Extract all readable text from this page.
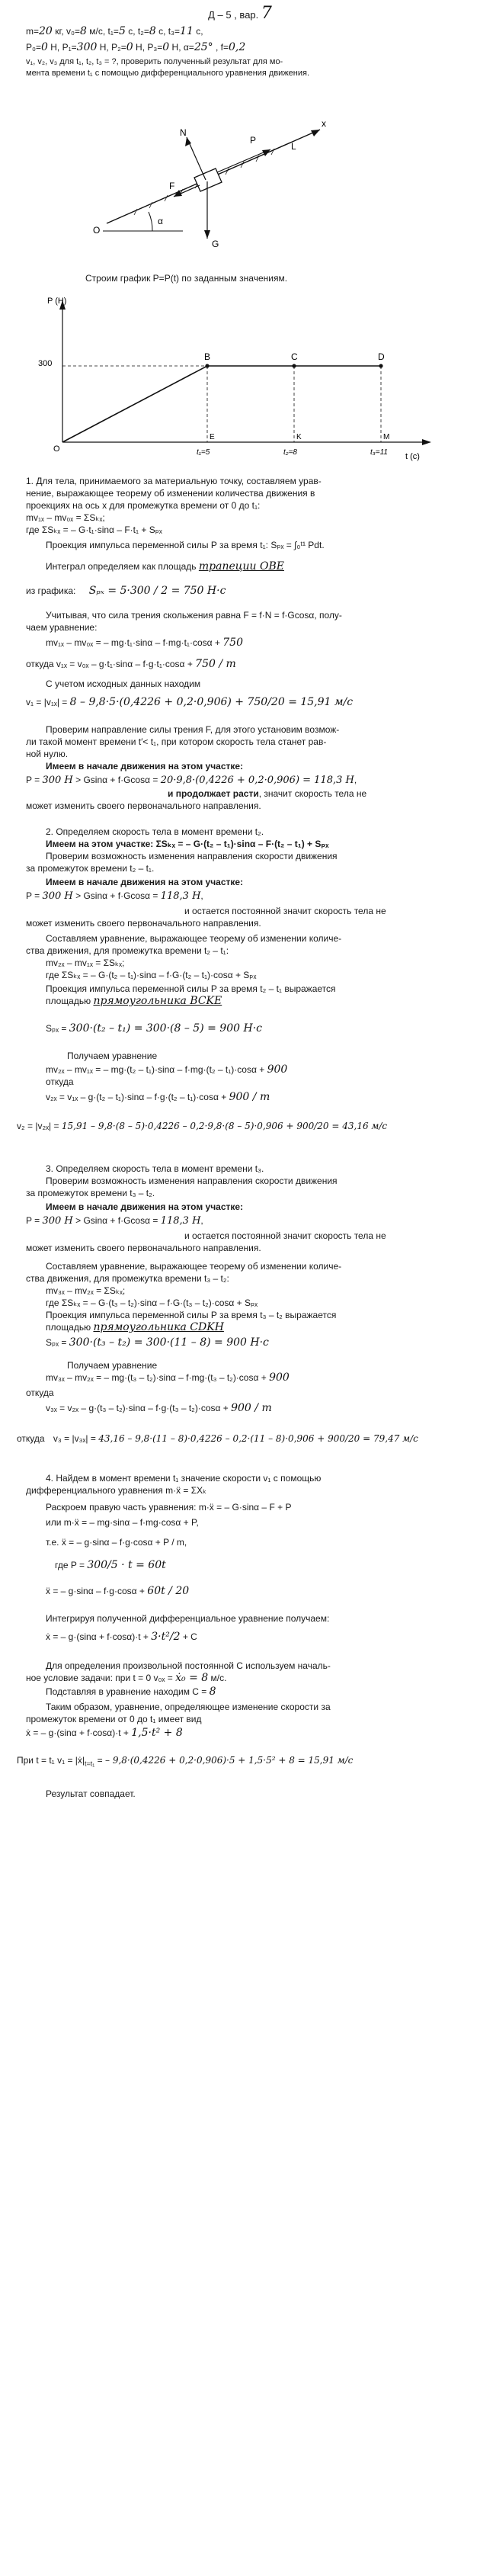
Д – 5 , вар. 7
m=20 кг, v₀=8 м/с, t₁=5 с, t₂=8 с, t₃=11 с,
P₀=0 Н, P₁=300 Н, P₂=0 Н, P₃=0 Н, α=25° , f=0,2
v₁, v₂, v₃ для t₁, t₂, t₃ = ?, проверить полученный результат для мо-
мента времени t₁ с помощью дифференциального уравнения движения.
N
P
L
x
F
O
G
α
Строим график P=P(t) по заданным значениям.
P (H)
t (c)
300
O
B
E
t₁=5
C
K
t₂=8
D
M
t₃=11
1. Для тела, принимаемого за материальную точку, составляем урав-
нение, выражающее теорему об изменении количества движения в
проекциях на ось x для промежутка времени от 0 до t₁:
mv₁ₓ – mv₀ₓ = ΣSₖₓ;
где ΣSₖₓ = – G·t₁·sinα – F·t₁ + Sₚₓ
Проекция импульса переменной силы P за время t₁: Sₚₓ = ∫₀ᵗ¹ Pdt.
Интеграл определяем как площадь трапеции OBE
из графика: Sₚₓ = 5·300 / 2 = 750 Н·с
Учитывая, что сила трения скольжения равна F = f·N = f·Gcosα, полу-
чаем уравнение:
mv₁ₓ – mv₀ₓ = – mg·t₁·sinα – f·mg·t₁·cosα + 750
откуда v₁ₓ = v₀ₓ – g·t₁·sinα – f·g·t₁·cosα + 750 / m
С учетом исходных данных находим
v₁ = |v₁ₓ| = 8 – 9,8·5·(0,4226 + 0,2·0,906) + 750/20 = 15,91 м/с
Проверим направление силы трения F, для этого установим возмож-
ли такой момент времени t′< t₁, при котором скорость тела станет рав-
ной нулю.
Имеем в начале движения на этом участке:
P = 300 Н > Gsinα + f·Gcosα = 20·9,8·(0,4226 + 0,2·0,906) = 118,3 Н,
и продолжает расти, значит скорость тела не
может изменить своего первоначального направления.
2. Определяем скорость тела в момент времени t₂.
Имеем на этом участке: ΣSₖₓ = – G·(t₂ – t₁)·sinα – F·(t₂ – t₁) + Sₚₓ
Проверим возможность изменения направления скорости движения
за промежуток времени t₂ – t₁.
Имеем в начале движения на этом участке:
P = 300 Н > Gsinα + f·Gcosα = 118,3 Н,
и остается постоянной значит скорость тела не
может изменить своего первоначального направления.
Составляем уравнение, выражающее теорему об изменении количе-
ства движения, для промежутка времени t₂ – t₁:
mv₂ₓ – mv₁ₓ = ΣSₖₓ;
где ΣSₖₓ = – G·(t₂ – t₁)·sinα – f·G·(t₂ – t₁)·cosα + Sₚₓ
Проекция импульса переменной силы P за время t₂ – t₁ выражается
площадью прямоугольника BCKE
Sₚₓ = 300·(t₂ – t₁) = 300·(8 – 5) = 900 Н·с
Получаем уравнение
mv₂ₓ – mv₁ₓ = – mg·(t₂ – t₁)·sinα – f·mg·(t₂ – t₁)·cosα + 900
откуда
v₂ₓ = v₁ₓ – g·(t₂ – t₁)·sinα – f·g·(t₂ – t₁)·cosα + 900 / m
v₂ = |v₂ₓ| = 15,91 – 9,8·(8 – 5)·0,4226 – 0,2·9,8·(8 – 5)·0,906 + 900/20 = 43,16 м/с
3. Определяем скорость тела в момент времени t₃.
Проверим возможность изменения направления скорости движения
за промежуток времени t₃ – t₂.
Имеем в начале движения на этом участке:
P = 300 Н > Gsinα + f·Gcosα = 118,3 Н,
и остается постоянной значит скорость тела не
может изменить своего первоначального направления.
Составляем уравнение, выражающее теорему об изменении количе-
ства движения, для промежутка времени t₃ – t₂:
mv₃ₓ – mv₂ₓ = ΣSₖₓ;
где ΣSₖₓ = – G·(t₃ – t₂)·sinα – f·G·(t₃ – t₂)·cosα + Sₚₓ
Проекция импульса переменной силы P за время t₃ – t₂ выражается
площадью прямоугольника CDKH
Sₚₓ = 300·(t₃ – t₂) = 300·(11 – 8) = 900 Н·с
Получаем уравнение
mv₃ₓ – mv₂ₓ = – mg·(t₃ – t₂)·sinα – f·mg·(t₃ – t₂)·cosα + 900
откуда
v₃ₓ = v₂ₓ – g·(t₃ – t₂)·sinα – f·g·(t₃ – t₂)·cosα + 900 / m
откуда v₃ = |v₃ₓ| = 43,16 – 9,8·(11 – 8)·0,4226 – 0,2·(11 – 8)·0,906 + 900/20 = 79,47 м/с
4. Найдем в момент времени t₁ значение скорости v₁ с помощью
дифференциального уравнения m·ẍ = ΣXₖ
Раскроем правую часть уравнения: m·ẍ = – G·sinα – F + P
или m·ẍ = – mg·sinα – f·mg·cosα + P,
т.е. ẍ = – g·sinα – f·g·cosα + P / m,
где P = 300/5 · t = 60t
ẍ = – g·sinα – f·g·cosα + 60t / 20
Интегрируя полученной дифференциальное уравнение получаем:
ẋ = – g·(sinα + f·cosα)·t + 3·t²/2 + C
Для определения произвольной постоянной C используем началь-
ное условие задачи: при t = 0 v₀ₓ = ẋ₀ = 8 м/с.
Подставляя в уравнение находим C = 8
Таким образом, уравнение, определяющее изменение скорости за
промежуток времени от 0 до t₁ имеет вид
ẋ = – g·(sinα + f·cosα)·t + 1,5·t² + 8
При t = t₁ $v_1 = |ẋ|_{t=t_1}$ = – 9,8·(0,4226 + 0,2·0,906)·5 + 1,5·5² + 8 = 15,91 м/с
Результат совпадает.
